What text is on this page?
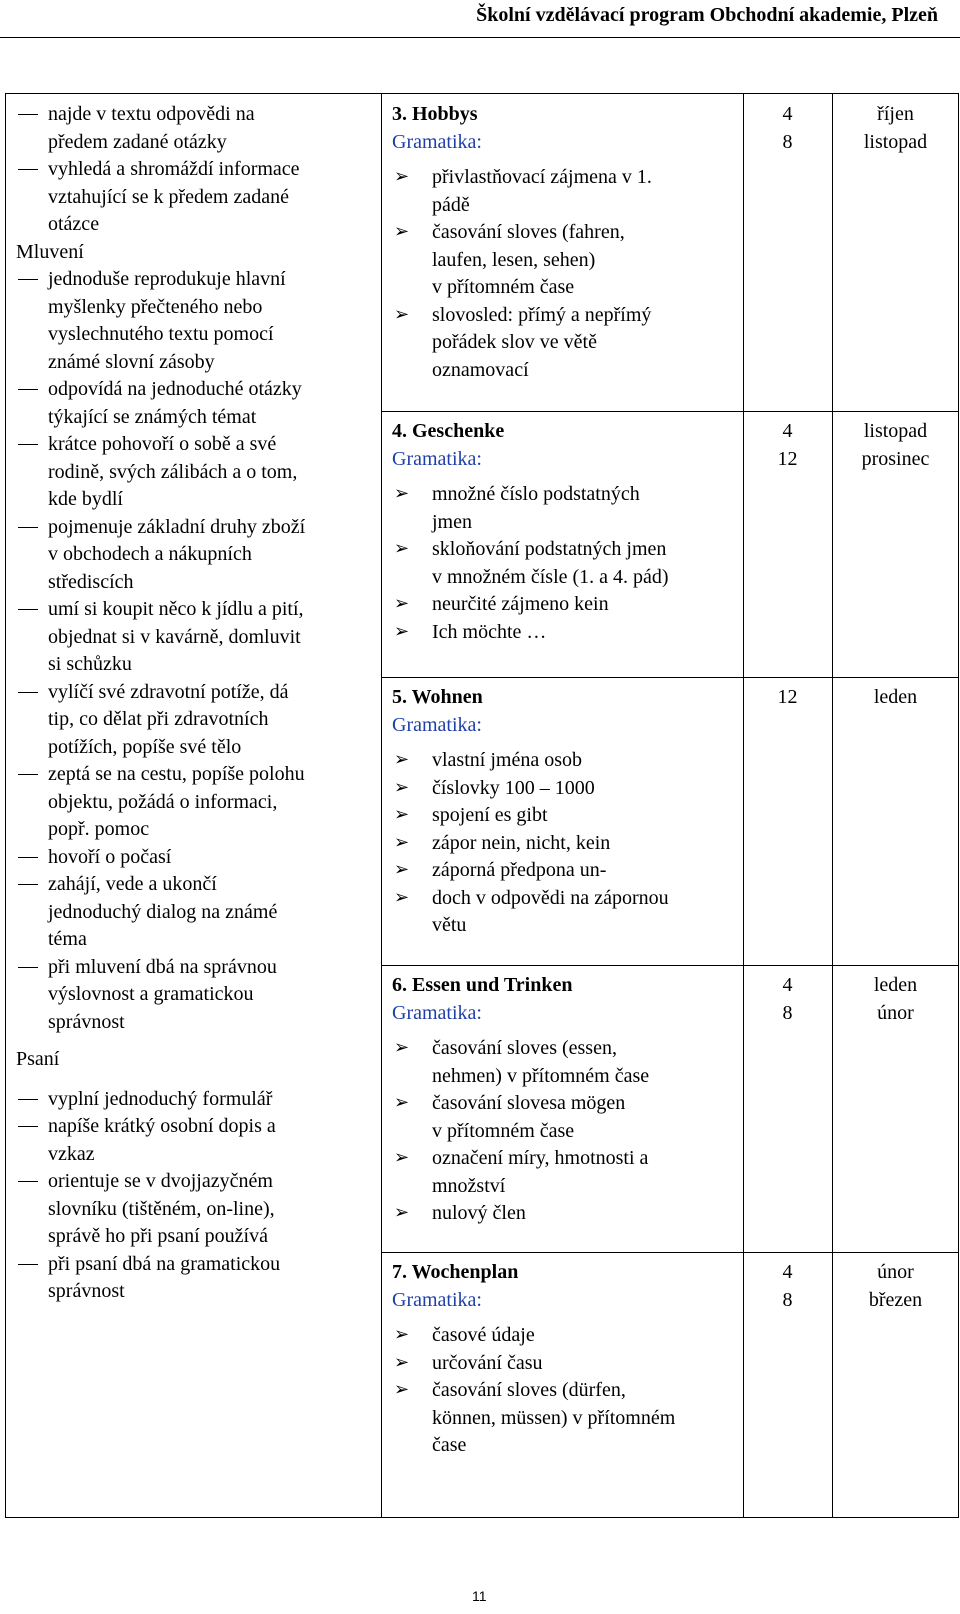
Školní vzdělávací program Obchodní akademie, Plzeň
najde v textu odpovědi na
předem zadané otázky
vyhledá a shromáždí informace
vztahující se k předem zadané
otázce
Mluvení
jednoduše reprodukuje hlavní
myšlenky přečteného nebo
vyslechnutého textu pomocí
známé slovní zásoby
odpovídá na jednoduché otázky
týkající se známých témat
krátce pohovoří o sobě a své
rodině, svých zálibách a o tom,
kde bydlí
pojmenuje základní druhy zboží
v obchodech a nákupních
střediscích
umí si koupit něco k jídlu a pití,
objednat si v kavárně, domluvit
si schůzku
vylíčí své zdravotní potíže, dá
tip, co dělat při zdravotních
potížích, popíše své tělo
zeptá se na cestu, popíše polohu
objektu, požádá o informaci,
popř. pomoc
hovoří o počasí
zahájí, vede a ukončí
jednoduchý dialog na známé
téma
při mluvení dbá na správnou
výslovnost a gramatickou
správnost
Psaní
vyplní jednoduchý formulář
napíše krátký osobní dopis a
vzkaz
orientuje se v dvojjazyčném
slovníku (tištěném, on-line),
správě ho při psaní používá
při psaní dbá na gramatickou
správnost
3. Hobbys
Gramatika:
➢ přivlastňovací zájmena v 1.
pádě
➢ časování sloves (fahren,
laufen, lesen, sehen)
v přítomném čase
➢ slovosled: přímý a nepřímý
pořádek slov ve větě
oznamovací
4
8
říjen
listopad
4. Geschenke
Gramatika:
➢ množné číslo podstatných
jmen
➢ skloňování podstatných jmen
v množném čísle (1. a 4. pád)
➢ neurčité zájmeno kein
➢ Ich möchte …
4
12
listopad
prosinec
5. Wohnen
Gramatika:
➢ vlastní jména osob
➢ číslovky 100 – 1000
➢ spojení es gibt
➢ zápor nein, nicht, kein
➢ záporná předpona un-
➢ doch v odpovědi na zápornou
větu
12	leden
6. Essen und Trinken
Gramatika:
➢ časování sloves (essen,
nehmen) v přítomném čase
➢ časování slovesa mögen
v přítomném čase
➢ označení míry, hmotnosti a
množství
➢ nulový člen
4
8
leden
únor
7. Wochenplan
Gramatika:
➢ časové údaje
➢ určování času
➢ časování sloves (dürfen,
können, müssen) v přítomném
čase
4
8
únor
březen
11
